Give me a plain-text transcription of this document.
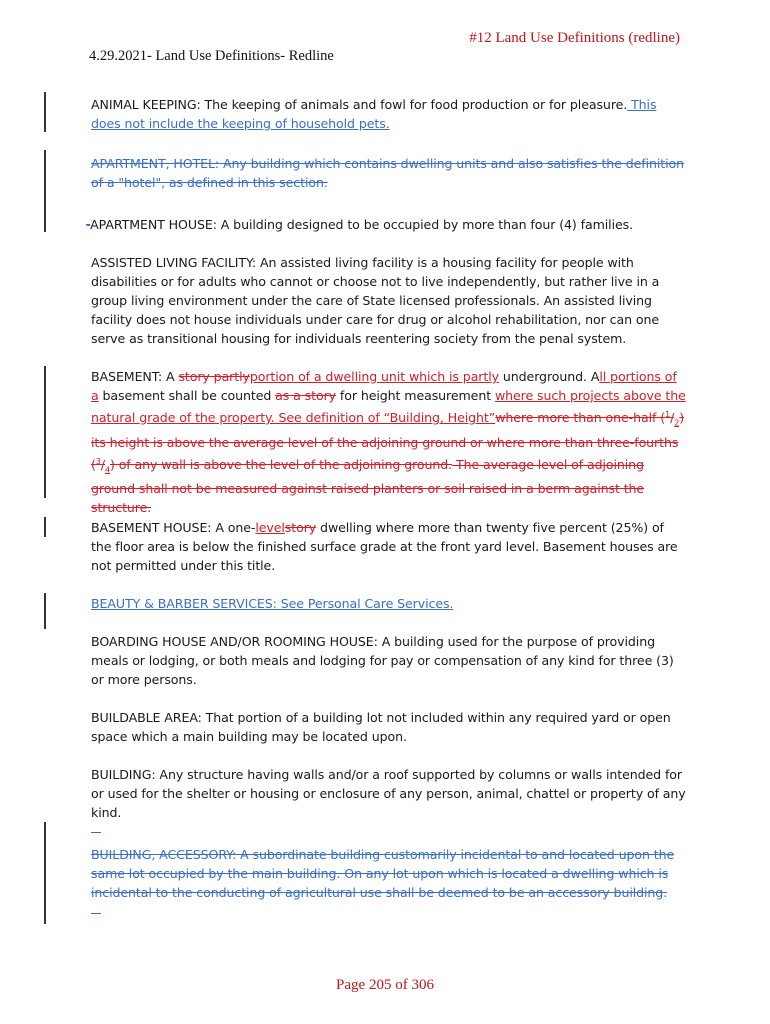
#12 Land Use Definitions (redline)
4.29.2021- Land Use Definitions- Redline
ANIMAL KEEPING: The keeping of animals and fowl for food production or for pleasure. This does not include the keeping of household pets.
APARTMENT, HOTEL: Any building which contains dwelling units and also satisfies the definition of a "hotel", as defined in this section.
-APARTMENT HOUSE: A building designed to be occupied by more than four (4) families.
ASSISTED LIVING FACILITY: An assisted living facility is a housing facility for people with disabilities or for adults who cannot or choose not to live independently, but rather live in a group living environment under the care of State licensed professionals. An assisted living facility does not house individuals under care for drug or alcohol rehabilitation, nor can one serve as transitional housing for individuals reentering society from the penal system.
BASEMENT: A story partlyportion of a dwelling unit which is partly underground. All portions of a basement shall be counted as a story for height measurement where such projects above the natural grade of the property. See definition of “Building, Height”where more than one-half $(^1/_2)$ its height is above the average level of the adjoining ground or where more than three-fourths $(^3/_4)$ of any wall is above the level of the adjoining ground. The average level of adjoining ground shall not be measured against raised planters or soil raised in a berm against the structure.
BASEMENT HOUSE: A one-levelstory dwelling where more than twenty five percent (25%) of the floor area is below the finished surface grade at the front yard level. Basement houses are not permitted under this title.
BEAUTY & BARBER SERVICES: See Personal Care Services.
BOARDING HOUSE AND/OR ROOMING HOUSE: A building used for the purpose of providing meals or lodging, or both meals and lodging for pay or compensation of any kind for three (3) or more persons.
BUILDABLE AREA: That portion of a building lot not included within any required yard or open space which a main building may be located upon.
BUILDING: Any structure having walls and/or a roof supported by columns or walls intended for or used for the shelter or housing or enclosure of any person, animal, chattel or property of any kind.
BUILDING, ACCESSORY: A subordinate building customarily incidental to and located upon the same lot occupied by the main building. On any lot upon which is located a dwelling which is incidental to the conducting of agricultural use shall be deemed to be an accessory building.
Page 205 of 306
